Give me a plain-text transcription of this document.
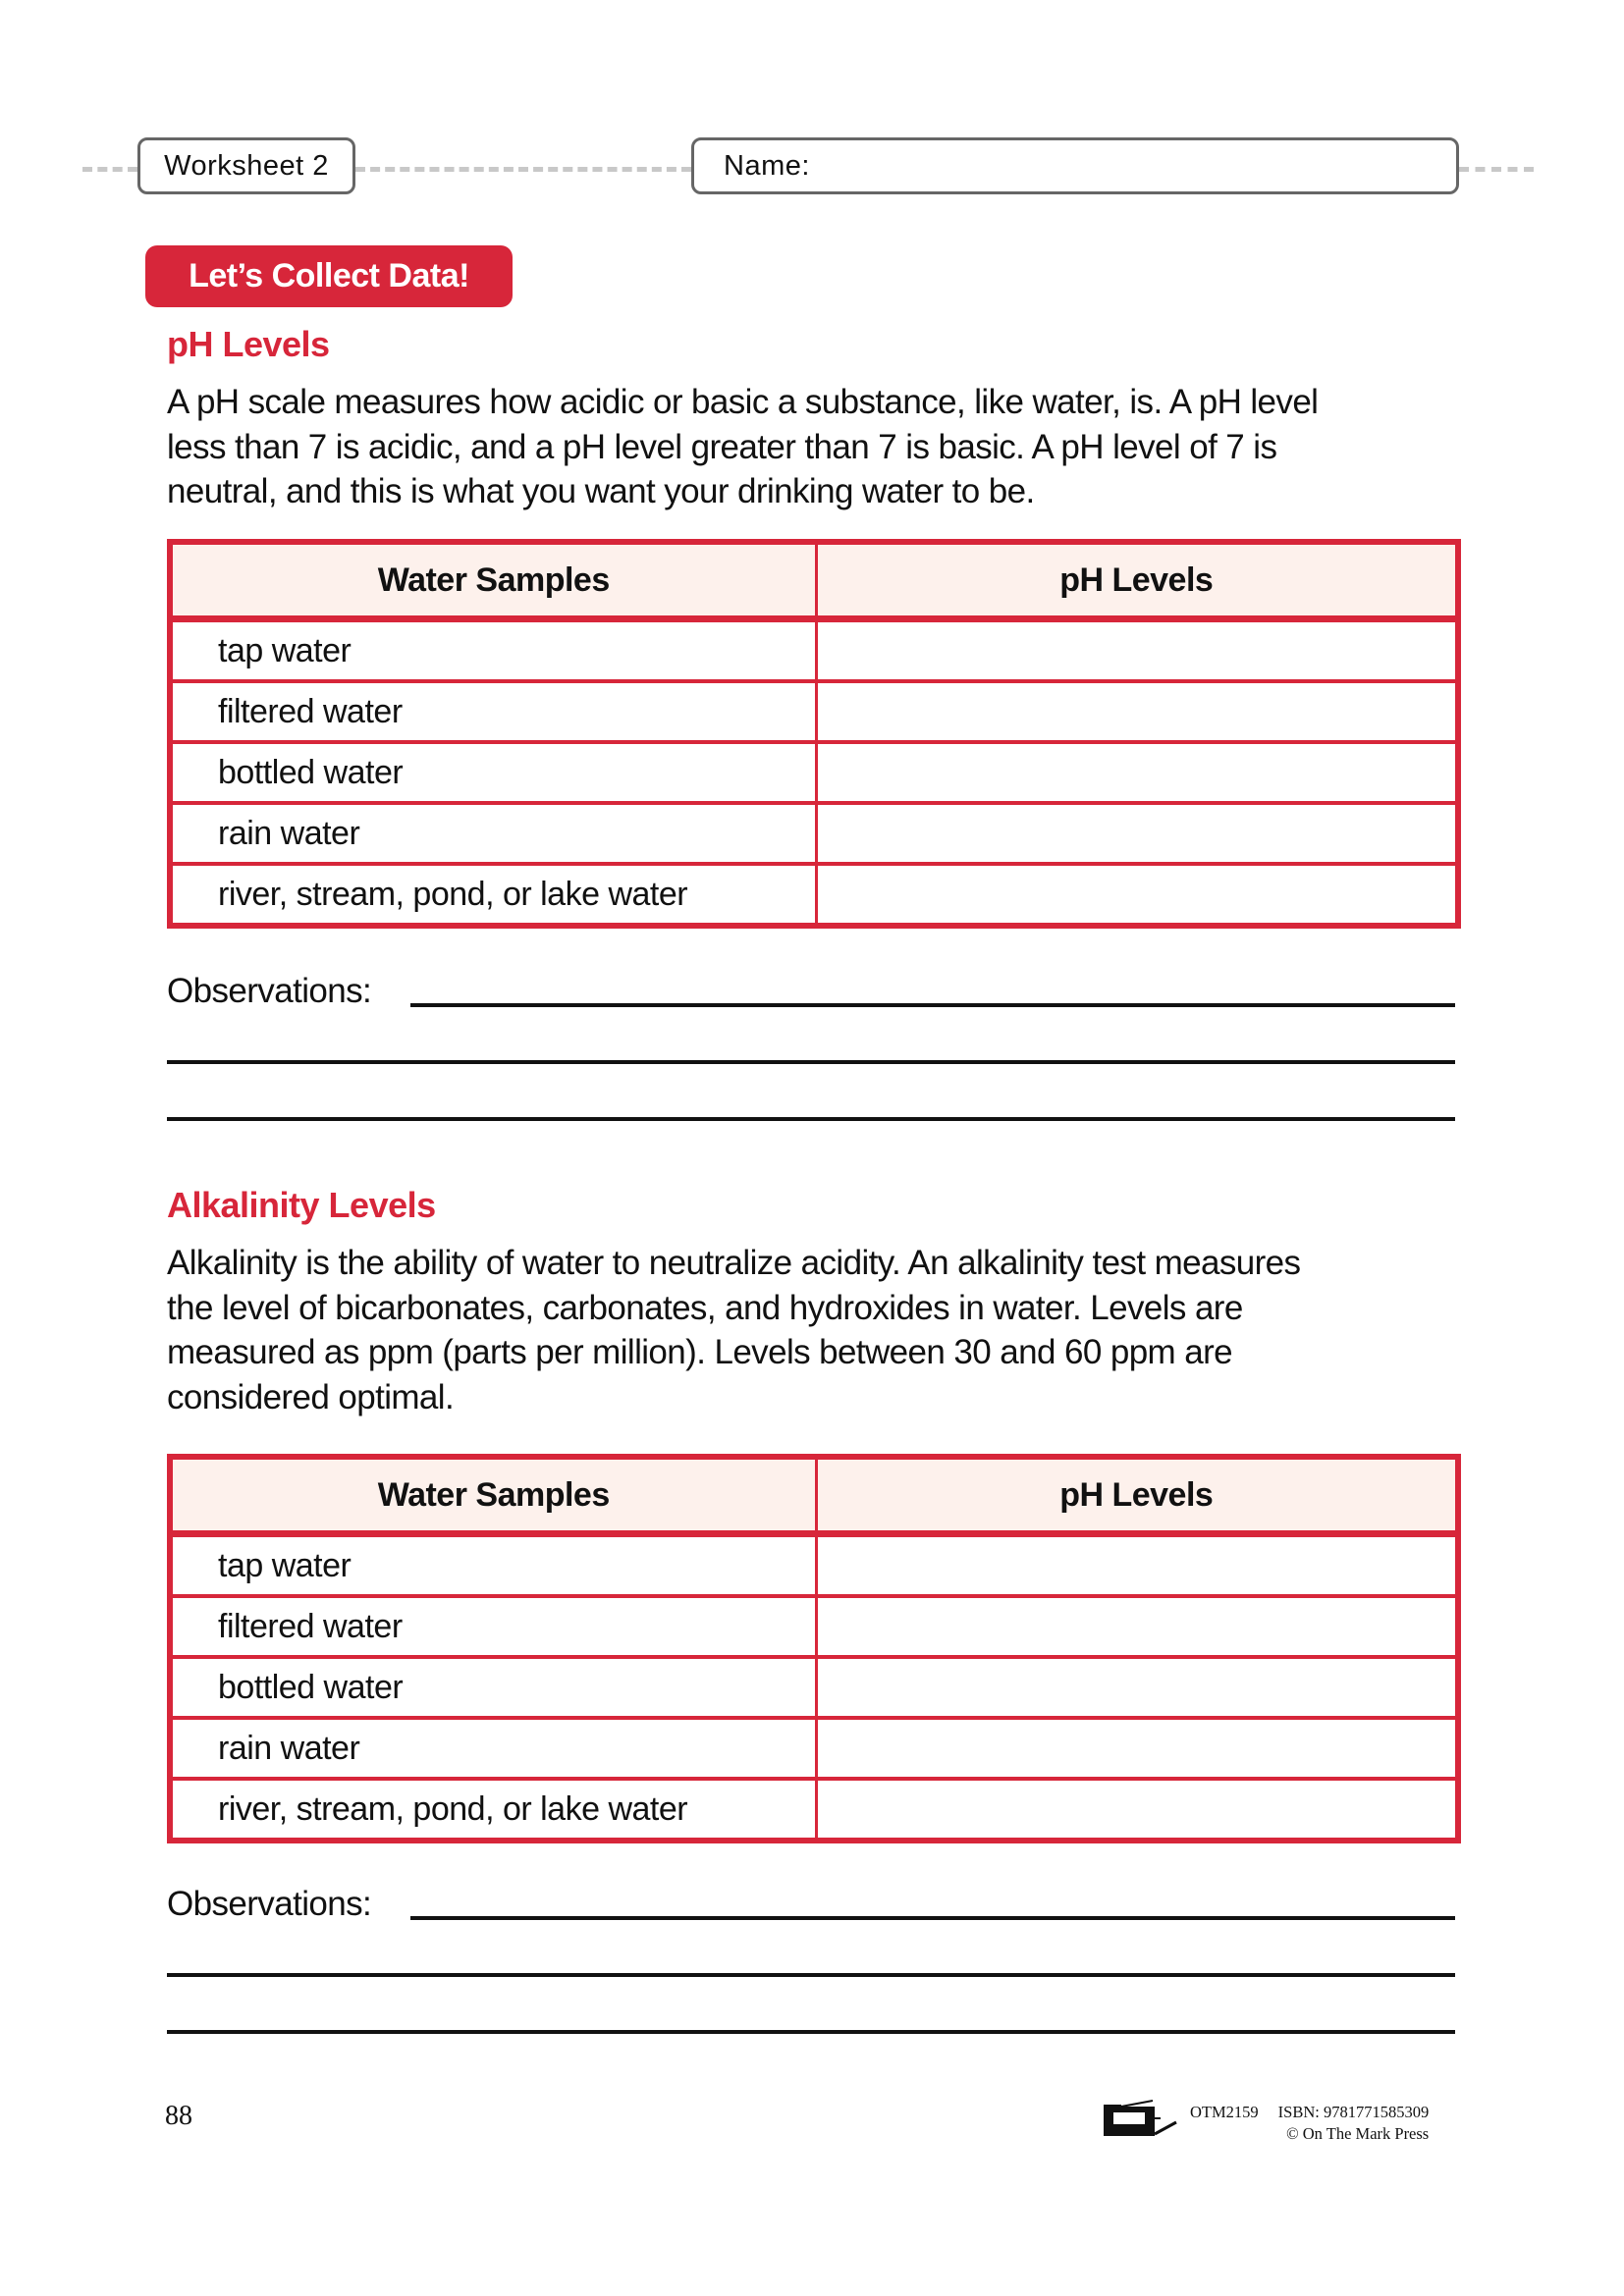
Worksheet 2	Name:
Let’s Collect Data!
pH Levels
A pH scale measures how acidic or basic a substance, like water, is. A pH level
less than 7 is acidic, and a pH level greater than 7 is basic. A pH level of 7 is
neutral, and this is what you want your drinking water to be.
Water Samples	pH Levels
tap water	
filtered water	
bottled water	
rain water	
river, stream, pond, or lake water	
Observations:
Alkalinity Levels
Alkalinity is the ability of water to neutralize acidity. An alkalinity test measures
the level of bicarbonates, carbonates, and hydroxides in water. Levels are
measured as ppm (parts per million). Levels between 30 and 60 ppm are
considered optimal.
Water Samples	pH Levels
tap water	
filtered water	
bottled water	
rain water	
river, stream, pond, or lake water	
Observations:
88	OTM2159 ISBN: 9781771585309
© On The Mark Press
